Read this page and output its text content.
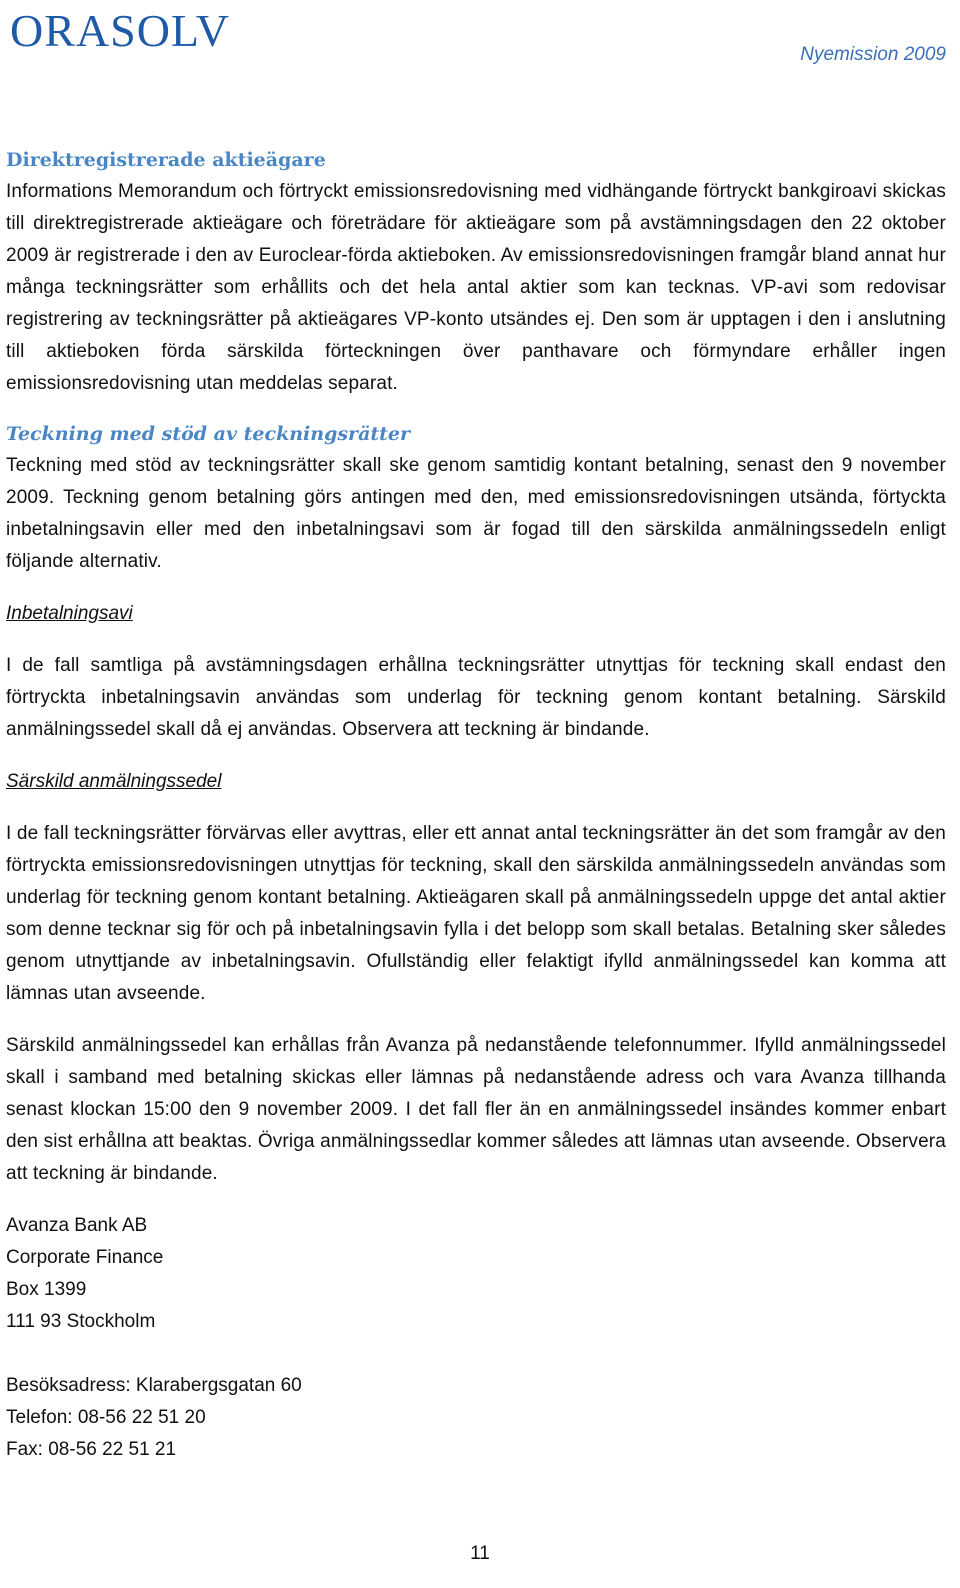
ORASOLV	Nyemission 2009
Direktregistrerade aktieägare

Informations Memorandum och förtryckt emissionsredovisning med vidhängande förtryckt bankgiroavi skickas till direktregistrerade aktieägare och företrädare för aktieägare som på avstämningsdagen den 22 oktober 2009 är registrerade i den av Euroclear-förda aktieboken. Av emissionsredovisningen framgår bland annat hur många teckningsrätter som erhållits och det hela antal aktier som kan tecknas. VP-avi som redovisar registrering av teckningsrätter på aktieägares VP-konto utsändes ej. Den som är upptagen i den i anslutning till aktieboken förda särskilda förteckningen över panthavare och förmyndare erhåller ingen emissionsredovisning utan meddelas separat.

Teckning med stöd av teckningsrätter

Teckning med stöd av teckningsrätter skall ske genom samtidig kontant betalning, senast den 9 november 2009. Teckning genom betalning görs antingen med den, med emissionsredovisningen utsända, förtyckta inbetalningsavin eller med den inbetalningsavi som är fogad till den särskilda anmälningssedeln enligt följande alternativ.

Inbetalningsavi

I de fall samtliga på avstämningsdagen erhållna teckningsrätter utnyttjas för teckning skall endast den förtryckta inbetalningsavin användas som underlag för teckning genom kontant betalning. Särskild anmälningssedel skall då ej användas. Observera att teckning är bindande.

Särskild anmälningssedel

I de fall teckningsrätter förvärvas eller avyttras, eller ett annat antal teckningsrätter än det som framgår av den förtryckta emissionsredovisningen utnyttjas för teckning, skall den särskilda anmälningssedeln användas som underlag för teckning genom kontant betalning. Aktieägaren skall på anmälningssedeln uppge det antal aktier som denne tecknar sig för och på inbetalningsavin fylla i det belopp som skall betalas. Betalning sker således genom utnyttjande av inbetalningsavin. Ofullständig eller felaktigt ifylld anmälningssedel kan komma att lämnas utan avseende.

Särskild anmälningssedel kan erhållas från Avanza på nedanstående telefonnummer. Ifylld anmälningssedel skall i samband med betalning skickas eller lämnas på nedanstående adress och vara Avanza tillhanda senast klockan 15:00 den 9 november 2009. I det fall fler än en anmälningssedel insändes kommer enbart den sist erhållna att beaktas. Övriga anmälningssedlar kommer således att lämnas utan avseende. Observera att teckning är bindande.

Avanza Bank AB
Corporate Finance
Box 1399
111 93 Stockholm
Besöksadress: Klarabergsgatan 60
Telefon: 08-56 22 51 20
Fax: 08-56 22 51 21
11
